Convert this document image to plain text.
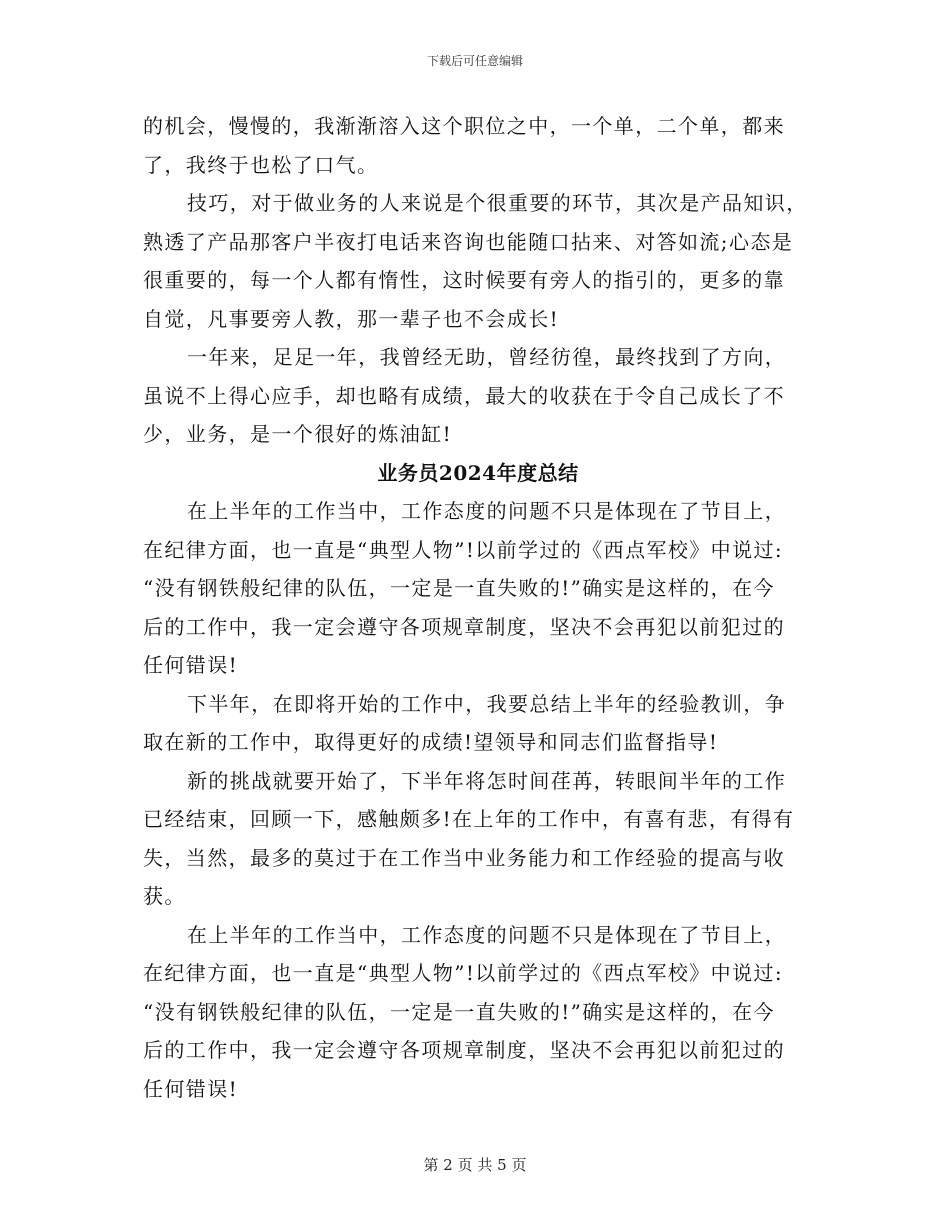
下载后可任意编辑
的机会，慢慢的，我渐渐溶入这个职位之中，一个单，二个单，都来
了，我终于也松了口气。
技巧，对于做业务的人来说是个很重要的环节，其次是产品知识，
熟透了产品那客户半夜打电话来咨询也能随口拈来、对答如流;心态是
很重要的，每一个人都有惰性，这时候要有旁人的指引的，更多的靠
自觉，凡事要旁人教，那一辈子也不会成长!
一年来，足足一年，我曾经无助，曾经彷徨，最终找到了方向，
虽说不上得心应手，却也略有成绩，最大的收获在于令自己成长了不
少，业务，是一个很好的炼油缸!
业务员2024年度总结
在上半年的工作当中，工作态度的问题不只是体现在了节目上，
在纪律方面，也一直是“典型人物”!以前学过的《西点军校》中说过:
“没有钢铁般纪律的队伍，一定是一直失败的!”确实是这样的，在今
后的工作中，我一定会遵守各项规章制度，坚决不会再犯以前犯过的
任何错误!
下半年，在即将开始的工作中，我要总结上半年的经验教训，争
取在新的工作中，取得更好的成绩!望领导和同志们监督指导!
新的挑战就要开始了，下半年将怎时间荏苒，转眼间半年的工作
已经结束，回顾一下，感触颇多!在上年的工作中，有喜有悲，有得有
失，当然，最多的莫过于在工作当中业务能力和工作经验的提高与收
获。
在上半年的工作当中，工作态度的问题不只是体现在了节目上，
在纪律方面，也一直是“典型人物”!以前学过的《西点军校》中说过:
“没有钢铁般纪律的队伍，一定是一直失败的!”确实是这样的，在今
后的工作中，我一定会遵守各项规章制度，坚决不会再犯以前犯过的
任何错误!
第 2 页 共 5 页
